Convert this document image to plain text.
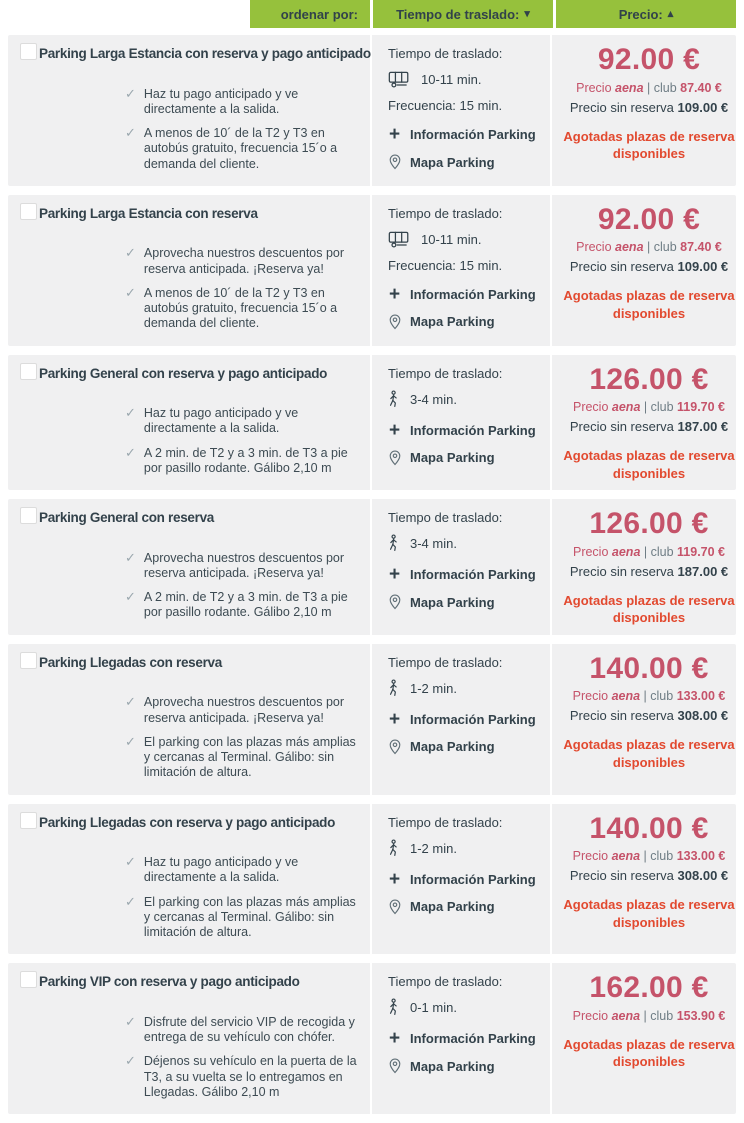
ordenar por:	Tiempo de traslado: ▾	Precio: ▴
Parking Larga Estancia con reserva y pago anticipado
✓ Haz tu pago anticipado y ve directamente a la salida.
✓ A menos de 10´ de la T2 y T3 en autobús gratuito, frecuencia 15´o a demanda del cliente.
Tiempo de traslado:
10-11 min.
Frecuencia: 15 min.
+ Información Parking
Mapa Parking
92.00 €
Precio aena | club 87.40 €
Precio sin reserva 109.00 €
Agotadas plazas de reserva disponibles
Parking Larga Estancia con reserva
✓ Aprovecha nuestros descuentos por reserva anticipada. ¡Reserva ya!
✓ A menos de 10´ de la T2 y T3 en autobús gratuito, frecuencia 15´o a demanda del cliente.
Tiempo de traslado:
10-11 min.
Frecuencia: 15 min.
+ Información Parking
Mapa Parking
92.00 €
Precio aena | club 87.40 €
Precio sin reserva 109.00 €
Agotadas plazas de reserva disponibles
Parking General con reserva y pago anticipado
✓ Haz tu pago anticipado y ve directamente a la salida.
✓ A 2 min. de T2 y a 3 min. de T3 a pie por pasillo rodante. Gálibo 2,10 m
Tiempo de traslado:
3-4 min.
+ Información Parking
Mapa Parking
126.00 €
Precio aena | club 119.70 €
Precio sin reserva 187.00 €
Agotadas plazas de reserva disponibles
Parking General con reserva
✓ Aprovecha nuestros descuentos por reserva anticipada. ¡Reserva ya!
✓ A 2 min. de T2 y a 3 min. de T3 a pie por pasillo rodante. Gálibo 2,10 m
Tiempo de traslado:
3-4 min.
+ Información Parking
Mapa Parking
126.00 €
Precio aena | club 119.70 €
Precio sin reserva 187.00 €
Agotadas plazas de reserva disponibles
Parking Llegadas con reserva
✓ Aprovecha nuestros descuentos por reserva anticipada. ¡Reserva ya!
✓ El parking con las plazas más amplias y cercanas al Terminal. Gálibo: sin limitación de altura.
Tiempo de traslado:
1-2 min.
+ Información Parking
Mapa Parking
140.00 €
Precio aena | club 133.00 €
Precio sin reserva 308.00 €
Agotadas plazas de reserva disponibles
Parking Llegadas con reserva y pago anticipado
✓ Haz tu pago anticipado y ve directamente a la salida.
✓ El parking con las plazas más amplias y cercanas al Terminal. Gálibo: sin limitación de altura.
Tiempo de traslado:
1-2 min.
+ Información Parking
Mapa Parking
140.00 €
Precio aena | club 133.00 €
Precio sin reserva 308.00 €
Agotadas plazas de reserva disponibles
Parking VIP con reserva y pago anticipado
✓ Disfrute del servicio VIP de recogida y entrega de su vehículo con chófer.
✓ Déjenos su vehículo en la puerta de la T3, a su vuelta se lo entregamos en Llegadas. Gálibo 2,10 m
Tiempo de traslado:
0-1 min.
+ Información Parking
Mapa Parking
162.00 €
Precio aena | club 153.90 €
Agotadas plazas de reserva disponibles
